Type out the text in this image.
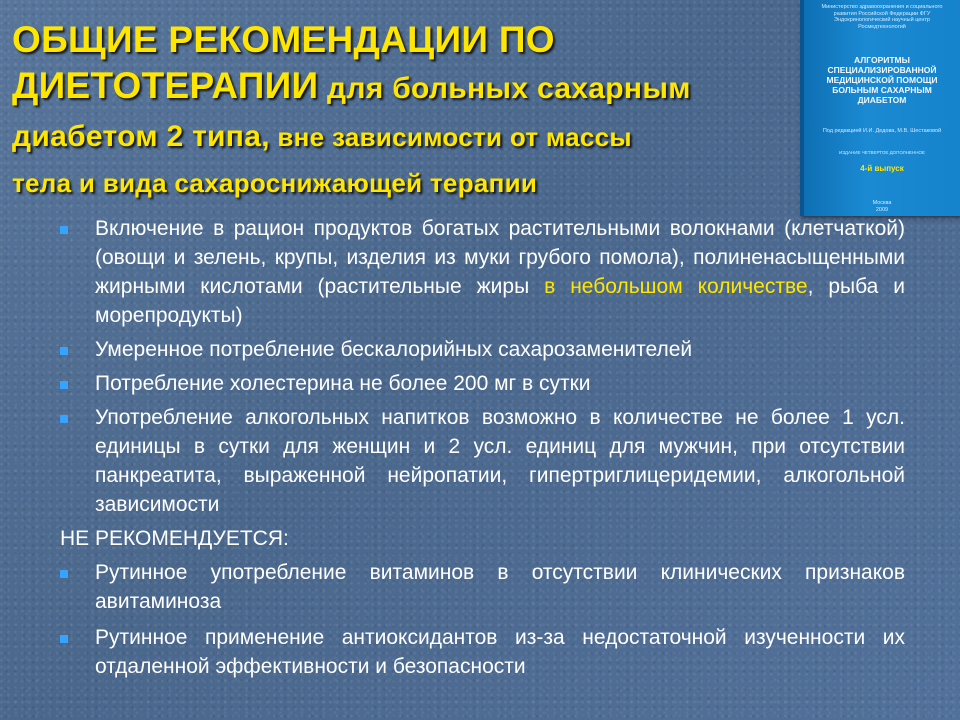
ОБЩИЕ РЕКОМЕНДАЦИИ ПО
ДИЕТОТЕРАПИИ для больных сахарным
диабетом 2 типа, вне зависимости от массы
тела и вида сахароснижающей терапии
Министерство здравоохранения и социального развития Российской Федерации ФГУ Эндокринологический научный центр Росмедтехнологий
АЛГОРИТМЫ СПЕЦИАЛИЗИРОВАННОЙ МЕДИЦИНСКОЙ ПОМОЩИ БОЛЬНЫМ САХАРНЫМ ДИАБЕТОМ
Под редакцией И.И. Дедова, М.В. Шестаковой
ИЗДАНИЕ ЧЕТВЕРТОЕ ДОПОЛНЕННОЕ
4-й выпуск
Москва
2009
Включение в рацион продуктов богатых растительными волокнами (клетчаткой) (овощи и зелень, крупы, изделия из муки грубого помола), полиненасыщенными жирными кислотами (растительные жиры в небольшом количестве, рыба и морепродукты)
Умеренное потребление бескалорийных сахарозаменителей
Потребление холестерина не более 200 мг в сутки
Употребление алкогольных напитков возможно в количестве не более 1 усл. единицы в сутки для женщин и 2 усл. единиц для мужчин, при отсутствии панкреатита, выраженной нейропатии, гипертриглицеридемии, алкогольной зависимости
НЕ РЕКОМЕНДУЕТСЯ:
Рутинное употребление витаминов в отсутствии клинических признаков авитаминоза
Рутинное применение антиоксидантов из-за недостаточной изученности их отдаленной эффективности и безопасности
